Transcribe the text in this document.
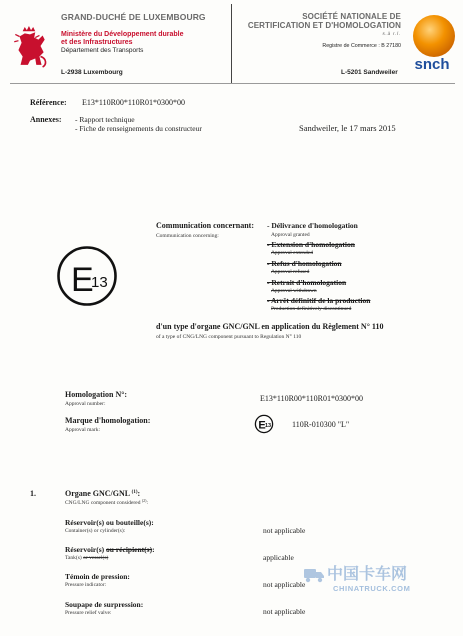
GRAND-DUCHÉ DE LUXEMBOURG
Ministère du Développement durable
et des Infrastructures
Département des Transports
L-2938 Luxembourg
SOCIÉTÉ NATIONALE DE
CERTIFICATION ET D'HOMOLOGATION
s.à r.l.
Registre de Commerce : B 27180
snch
L-5201 Sandweiler
Référence: E13*110R00*110R01*0300*00
Annexes: - Rapport technique
- Fiche de renseignements du constructeur	Sandweiler, le 17 mars 2015
E
13
Communication concernant:
Communication concerning:
- Délivrance d'homologation
Approval granted
- Extension d'homologation
Approval extended
- Refus d'homologation
Approval refused
- Retrait d'homologation
Approval withdrawn
- Arrêt définitif de la production
Production definitively discontinued
d'un type d'organe GNC/GNL en application du Règlement N° 110
of a type of CNG/LNG component pursuant to Regulation N° 110
Homologation N°:
Approval number:
E13*110R00*110R01*0300*00
Marque d'homologation:
Approval mark:	E 13	110R-010300 "L"
1.	Organe GNC/GNL $^{(1)}$:
CNG/LNG component considered $^{(2)}$:
Réservoir(s) ou bouteille(s):
Container(s) or cylinder(s):	not applicable
Réservoir(s) ou récipient(s):
Tank(s) or vessel(s)	applicable
Témoin de pression:
Pressure indicator:	not applicable
Soupape de surpression:
Pressure relief valve:	not applicable
中国卡车网
CHINATRUCK.COM
